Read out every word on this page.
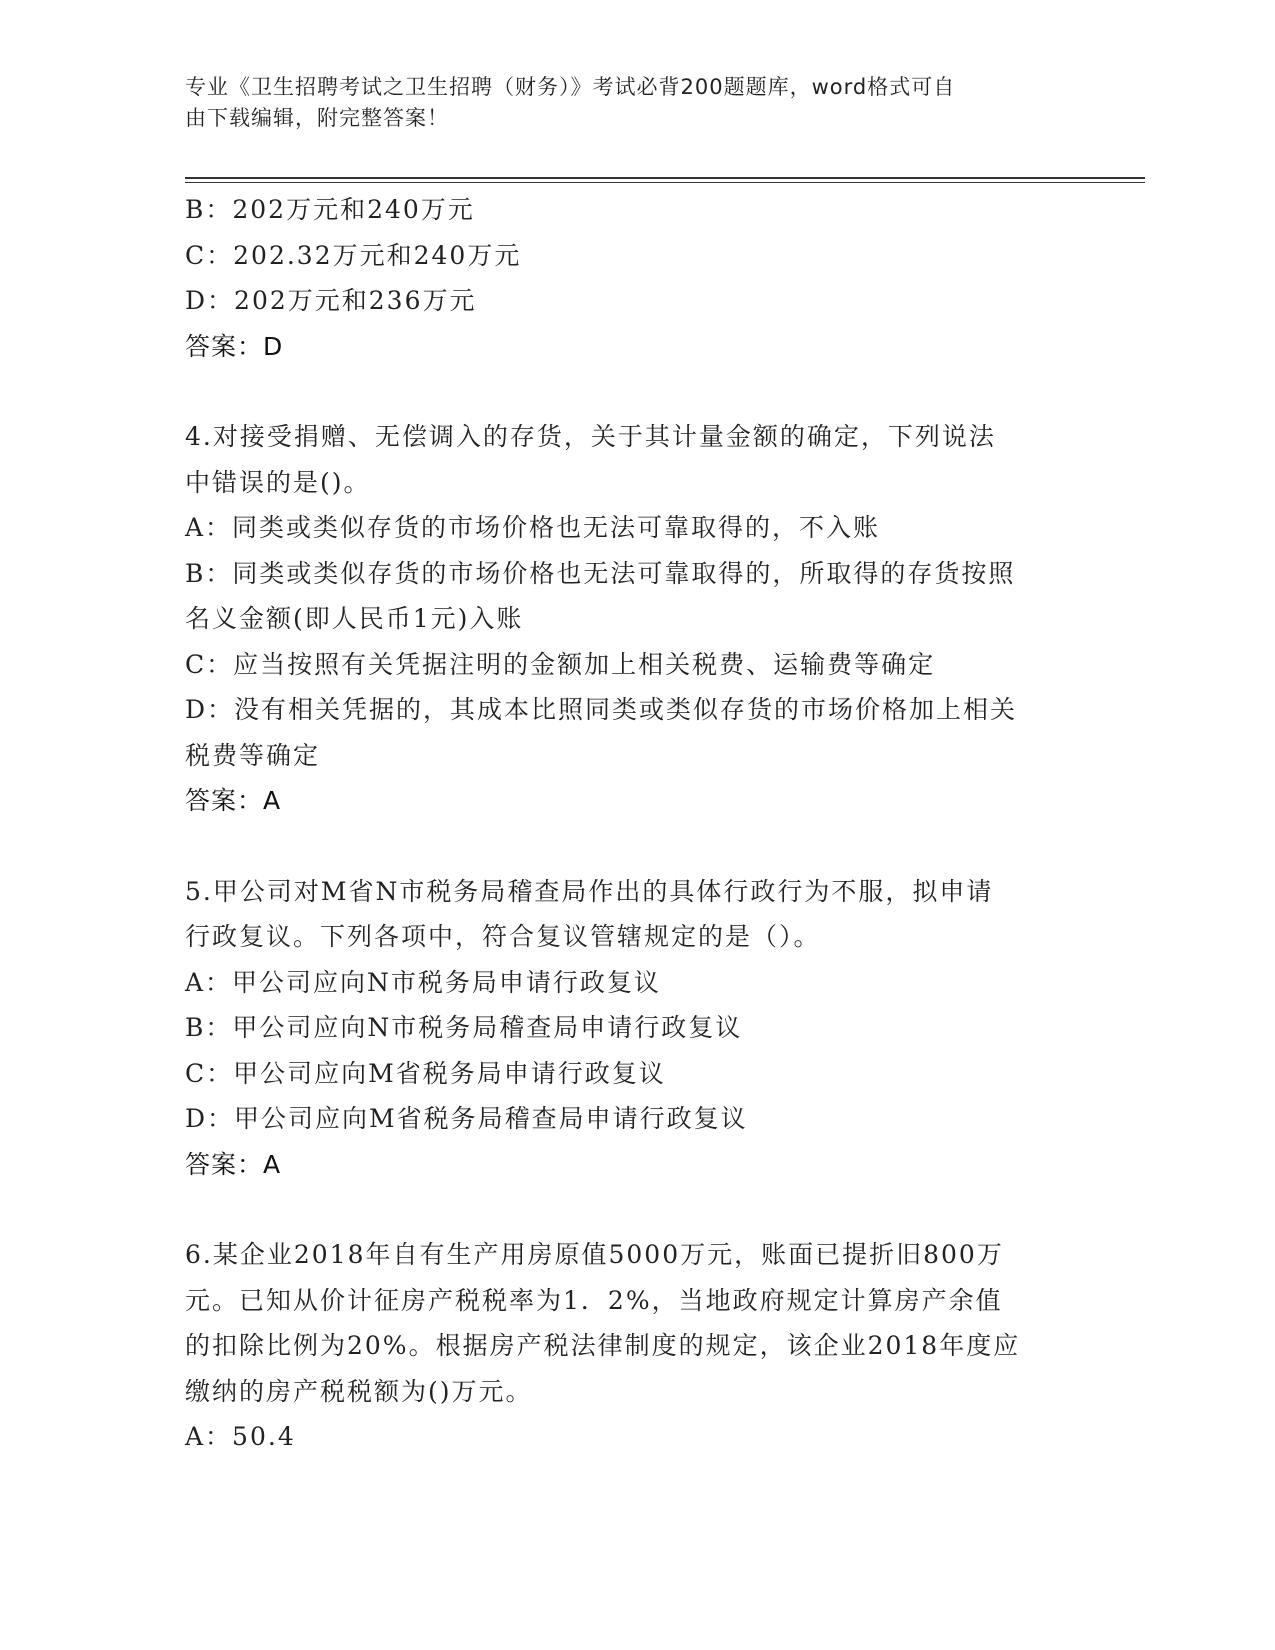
专业《卫生招聘考试之卫生招聘（财务）》考试必背200题题库，word格式可自
由下载编辑，附完整答案！
B：202万元和240万元
C：202.32万元和240万元
D：202万元和236万元
答案：D
4.对接受捐赠、无偿调入的存货，关于其计量金额的确定，下列说法
中错误的是()。
A：同类或类似存货的市场价格也无法可靠取得的，不入账
B：同类或类似存货的市场价格也无法可靠取得的，所取得的存货按照
名义金额(即人民币1元)入账
C：应当按照有关凭据注明的金额加上相关税费、运输费等确定
D：没有相关凭据的，其成本比照同类或类似存货的市场价格加上相关
税费等确定
答案：A
5.甲公司对M省N市税务局稽查局作出的具体行政行为不服，拟申请
行政复议。下列各项中，符合复议管辖规定的是（）。
A：甲公司应向N市税务局申请行政复议
B：甲公司应向N市税务局稽查局申请行政复议
C：甲公司应向M省税务局申请行政复议
D：甲公司应向M省税务局稽查局申请行政复议
答案：A
6.某企业2018年自有生产用房原值5000万元，账面已提折旧800万
元。已知从价计征房产税税率为1．2%，当地政府规定计算房产余值
的扣除比例为20%。根据房产税法律制度的规定，该企业2018年度应
缴纳的房产税税额为()万元。
A：50.4
